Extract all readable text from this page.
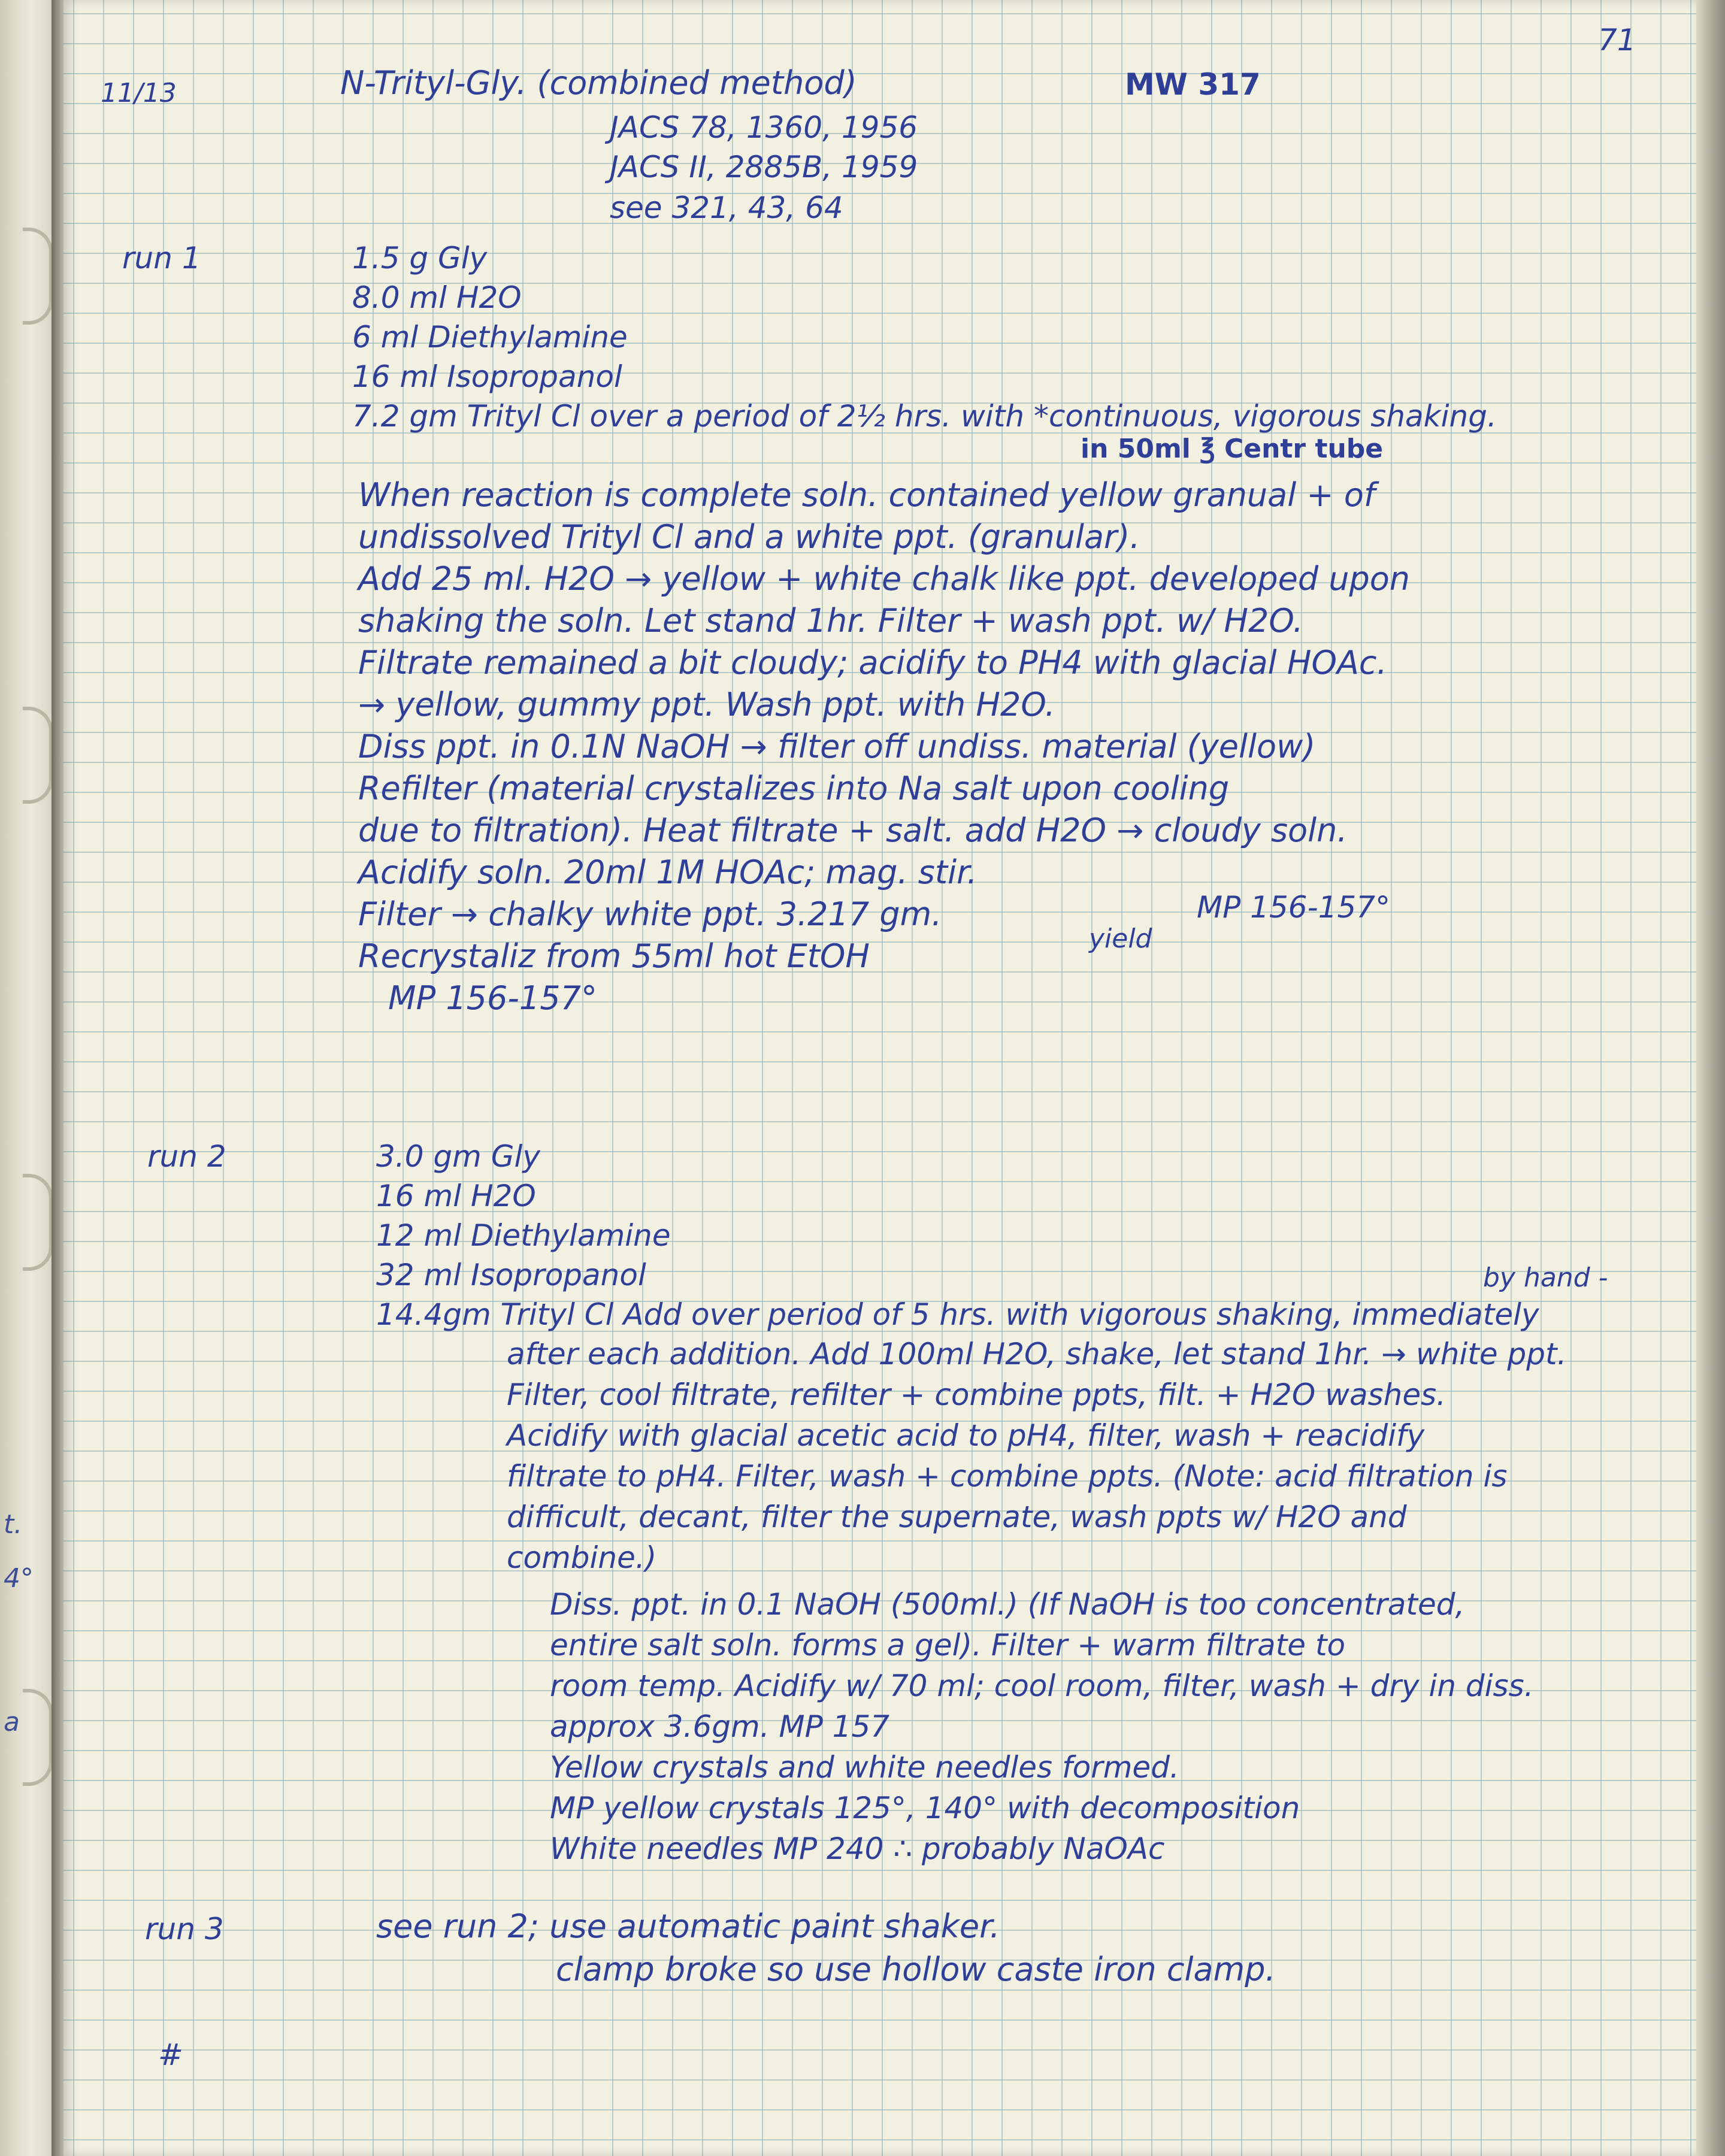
t.
4°
a
71
11/13	N-Trityl-Gly. (combined method)	MW 317
JACS 78, 1360, 1956
JACS II, 2885B, 1959
see 321, 43, 64
run 1	1.5 g Gly
8.0 ml H2O
6 ml Diethylamine
16 ml Isopropanol
7.2 gm Trityl Cl over a period of 2½ hrs. with *continuous, vigorous shaking.
in 50ml ℥ Centr tube
When reaction is complete soln. contained yellow granual + of
undissolved Trityl Cl and a white ppt. (granular).
Add 25 ml. H2O → yellow + white chalk like ppt. developed upon
shaking the soln. Let stand 1hr. Filter + wash ppt. w/ H2O.
Filtrate remained a bit cloudy; acidify to PH4 with glacial HOAc.
→ yellow, gummy ppt. Wash ppt. with H2O.
Diss ppt. in 0.1N NaOH → filter off undiss. material (yellow)
Refilter (material crystalizes into Na salt upon cooling
due to filtration). Heat filtrate + salt. add H2O → cloudy soln.
Acidify soln. 20ml 1M HOAc; mag. stir.
Filter → chalky white ppt. 3.217 gm.
Recrystaliz from 55ml hot EtOH
MP 156-157°
MP 156-157°
yield
run 2	3.0 gm Gly
16 ml H2O
12 ml Diethylamine
32 ml Isopropanol
14.4gm Trityl Cl Add over period of 5 hrs. with vigorous shaking, immediately
by hand -
after each addition. Add 100ml H2O, shake, let stand 1hr. → white ppt.
Filter, cool filtrate, refilter + combine ppts, filt. + H2O washes.
Acidify with glacial acetic acid to pH4, filter, wash + reacidify
filtrate to pH4. Filter, wash + combine ppts. (Note: acid filtration is
difficult, decant, filter the supernate, wash ppts w/ H2O and
combine.)
Diss. ppt. in 0.1 NaOH (500ml.) (If NaOH is too concentrated,
entire salt soln. forms a gel). Filter + warm filtrate to
room temp. Acidify w/ 70 ml; cool room, filter, wash + dry in diss.
approx 3.6gm. MP 157
Yellow crystals and white needles formed.
MP yellow crystals 125°, 140° with decomposition
White needles MP 240 ∴ probably NaOAc
run 3	see run 2; use automatic paint shaker.
clamp broke so use hollow caste iron clamp.
#
